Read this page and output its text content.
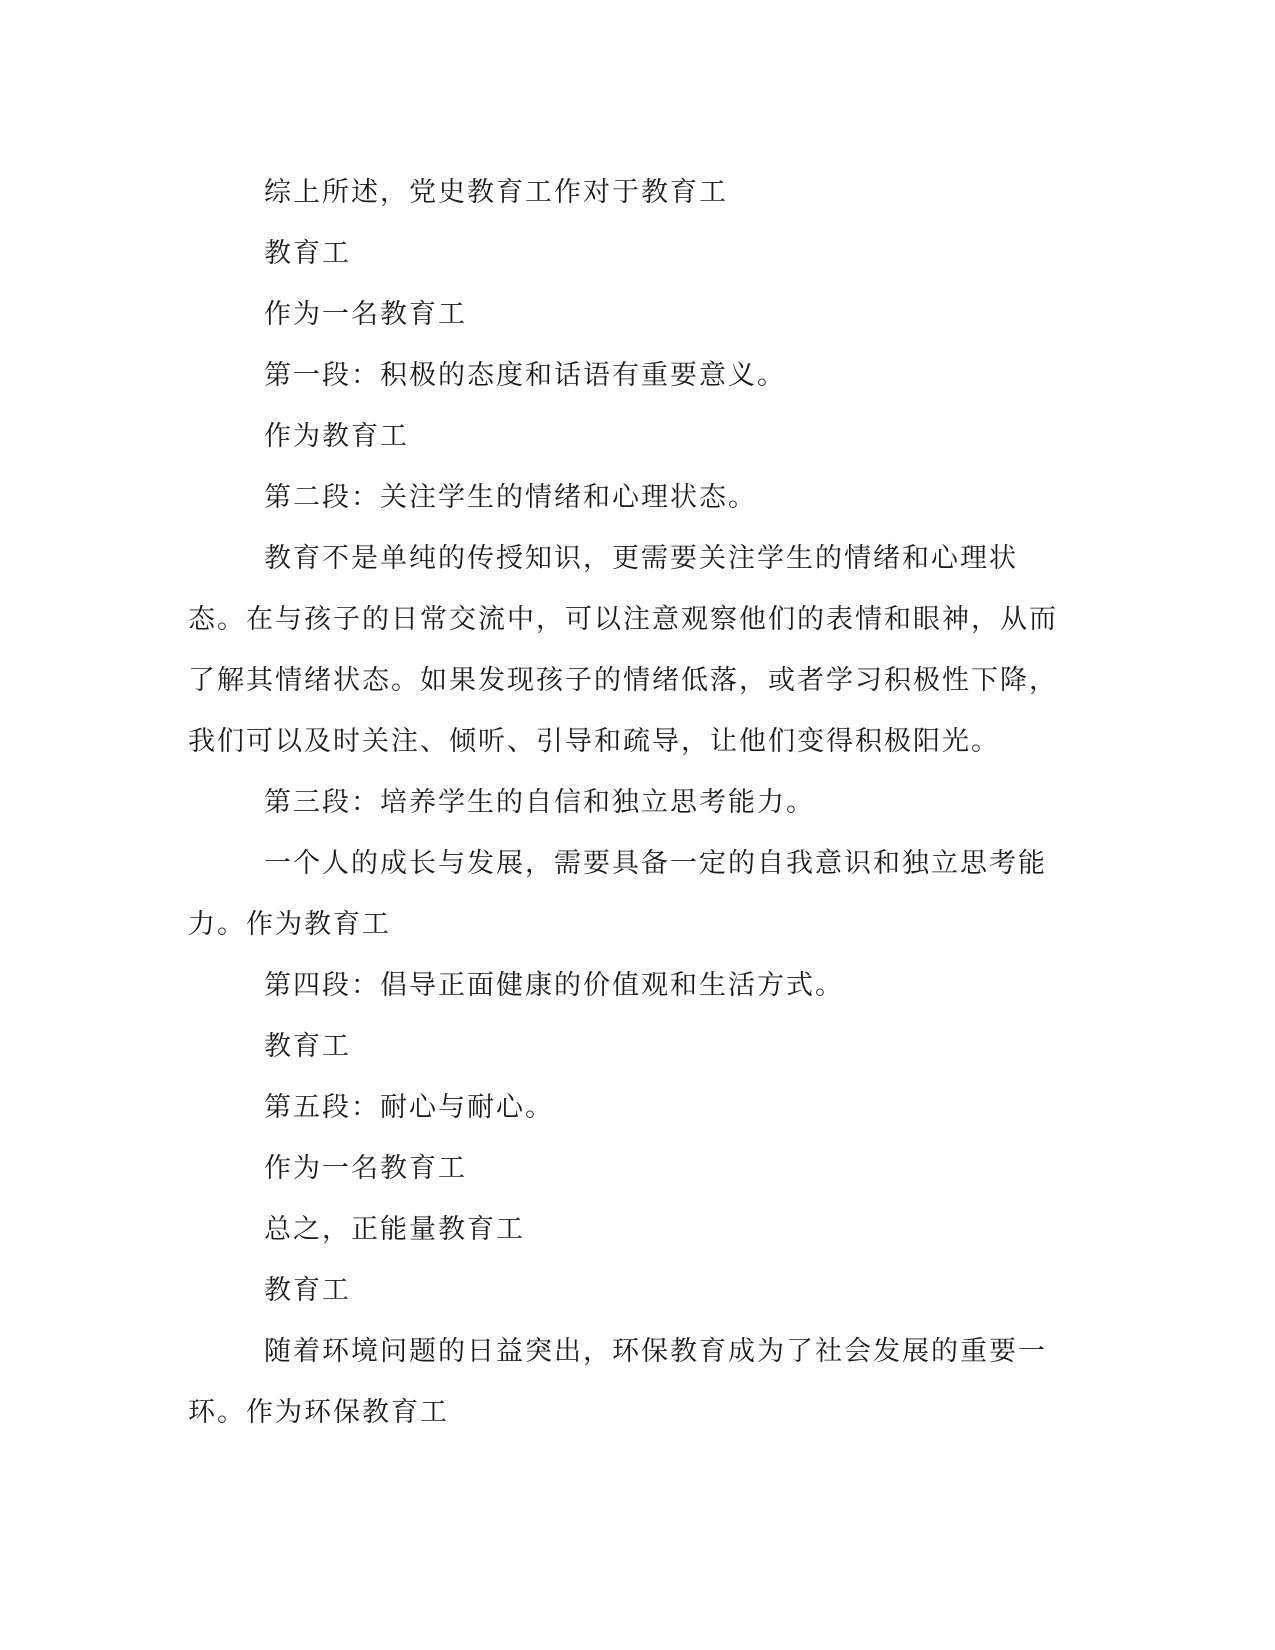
综上所述，党史教育工作对于教育工

教育工

作为一名教育工

第一段：积极的态度和话语有重要意义。

作为教育工

第二段：关注学生的情绪和心理状态。

教育不是单纯的传授知识，更需要关注学生的情绪和心理状态。在与孩子的日常交流中，可以注意观察他们的表情和眼神，从而了解其情绪状态。如果发现孩子的情绪低落，或者学习积极性下降，我们可以及时关注、倾听、引导和疏导，让他们变得积极阳光。

第三段：培养学生的自信和独立思考能力。

一个人的成长与发展，需要具备一定的自我意识和独立思考能力。作为教育工

第四段：倡导正面健康的价值观和生活方式。

教育工

第五段：耐心与耐心。

作为一名教育工

总之，正能量教育工

教育工

随着环境问题的日益突出，环保教育成为了社会发展的重要一环。作为环保教育工
